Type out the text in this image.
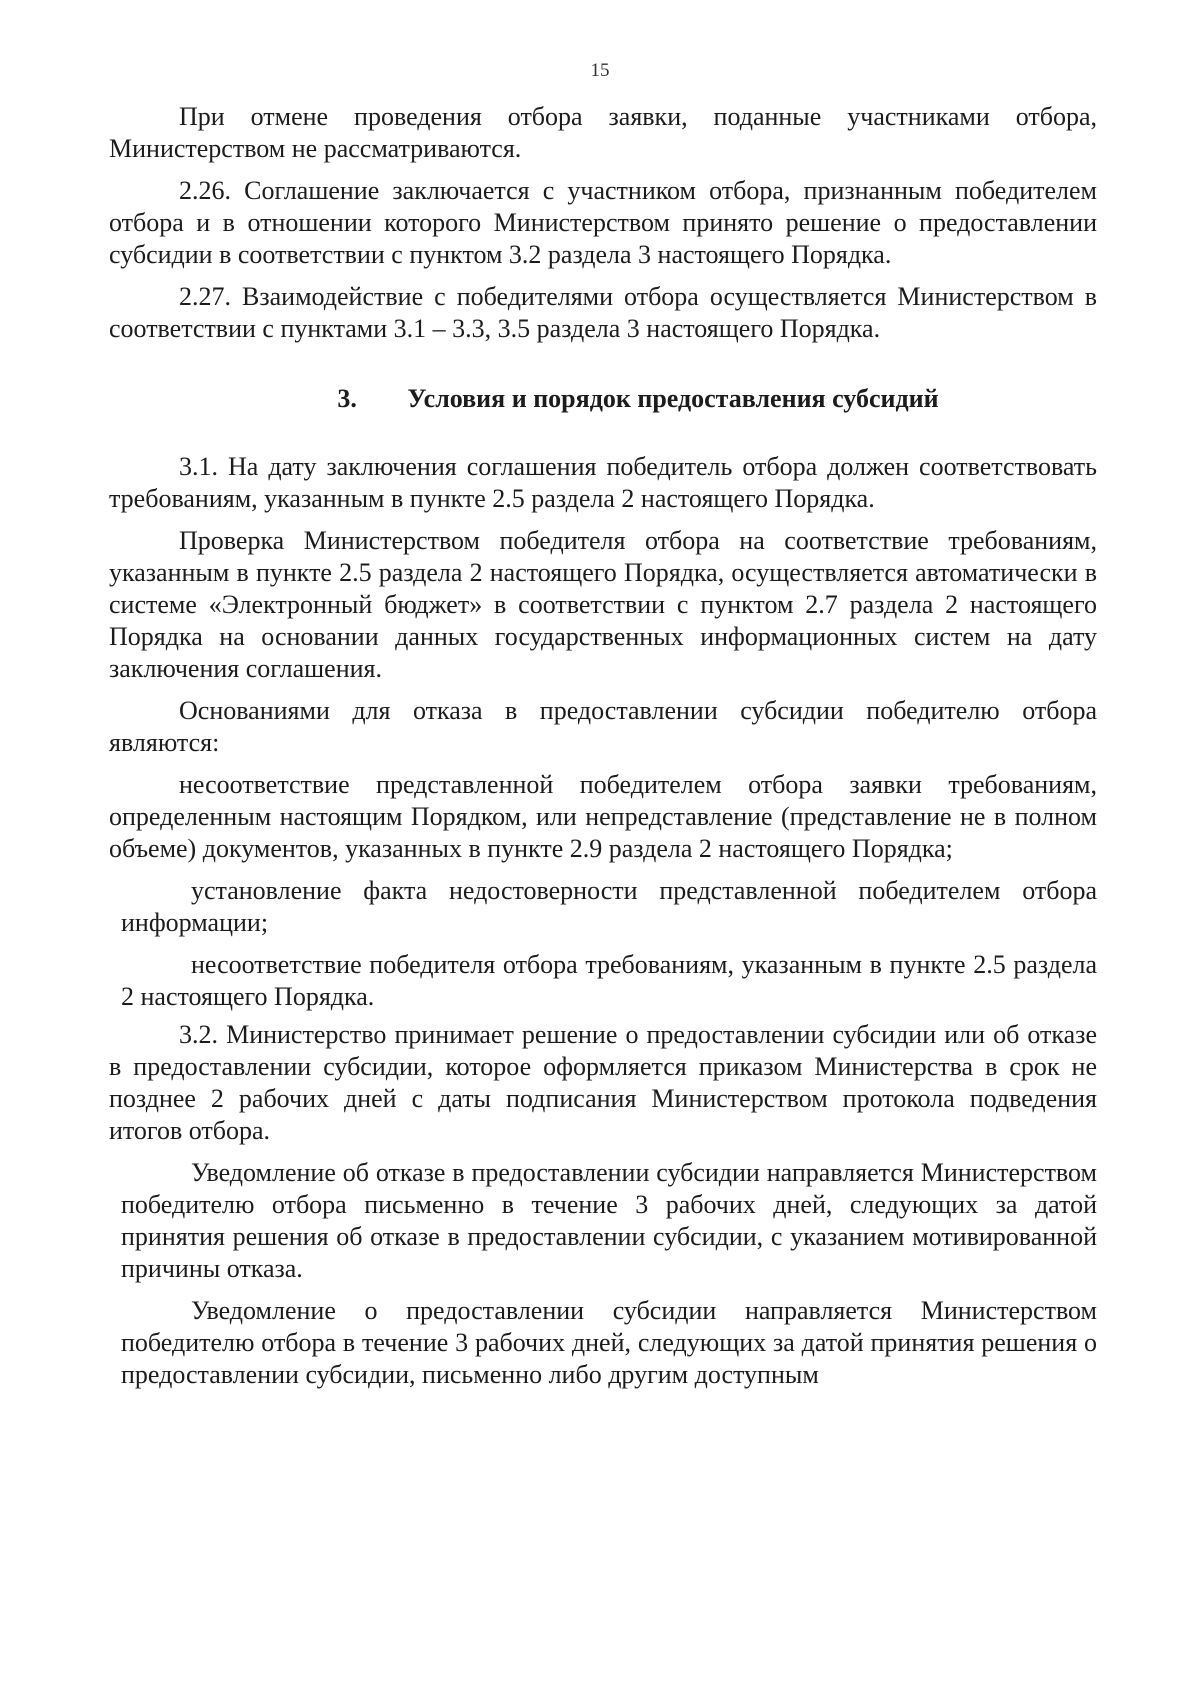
15

При отмене проведения отбора заявки, поданные участниками отбора, Министерством не рассматриваются.

2.26. Соглашение заключается с участником отбора, признанным победителем отбора и в отношении которого Министерством принято решение о предоставлении субсидии в соответствии с пунктом 3.2 раздела 3 настоящего Порядка.

2.27. Взаимодействие с победителями отбора осуществляется Министерством в соответствии с пунктами 3.1 – 3.3, 3.5 раздела 3 настоящего Порядка.

3. Условия и порядок предоставления субсидий

3.1. На дату заключения соглашения победитель отбора должен соответствовать требованиям, указанным в пункте 2.5 раздела 2 настоящего Порядка.

Проверка Министерством победителя отбора на соответствие требованиям, указанным в пункте 2.5 раздела 2 настоящего Порядка, осуществляется автоматически в системе «Электронный бюджет» в соответствии с пунктом 2.7 раздела 2 настоящего Порядка на основании данных государственных информационных систем на дату заключения соглашения.

Основаниями для отказа в предоставлении субсидии победителю отбора являются:

несоответствие представленной победителем отбора заявки требованиям, определенным настоящим Порядком, или непредставление (представление не в полном объеме) документов, указанных в пункте 2.9 раздела 2 настоящего Порядка;

установление факта недостоверности представленной победителем отбора информации;

несоответствие победителя отбора требованиям, указанным в пункте 2.5 раздела 2 настоящего Порядка.

3.2. Министерство принимает решение о предоставлении субсидии или об отказе в предоставлении субсидии, которое оформляется приказом Министерства в срок не позднее 2 рабочих дней с даты подписания Министерством протокола подведения итогов отбора.

Уведомление об отказе в предоставлении субсидии направляется Министерством победителю отбора письменно в течение 3 рабочих дней, следующих за датой принятия решения об отказе в предоставлении субсидии, с указанием мотивированной причины отказа.

Уведомление о предоставлении субсидии направляется Министерством победителю отбора в течение 3 рабочих дней, следующих за датой принятия решения о предоставлении субсидии, письменно либо другим доступным
